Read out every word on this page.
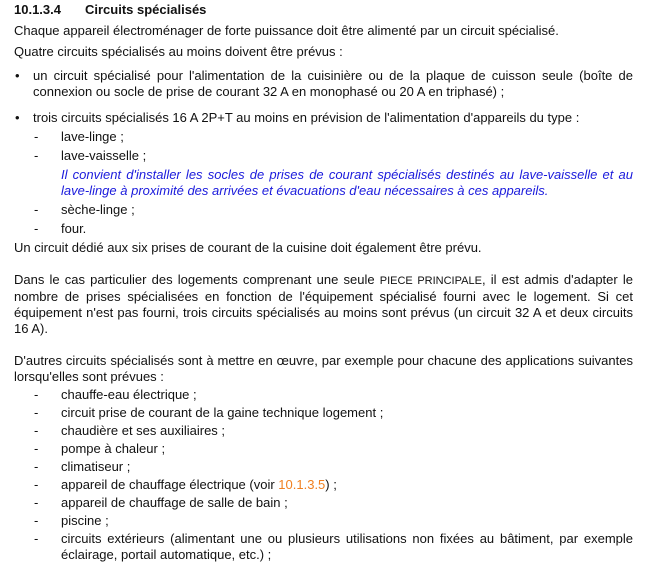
10.1.3.4 Circuits spécialisés

Chaque appareil électroménager de forte puissance doit être alimenté par un circuit spécialisé.

Quatre circuits spécialisés au moins doivent être prévus :

• un circuit spécialisé pour l'alimentation de la cuisinière ou de la plaque de cuisson seule (boîte de connexion ou socle de prise de courant 32 A en monophasé ou 20 A en triphasé) ;
• trois circuits spécialisés 16 A 2P+T au moins en prévision de l'alimentation d'appareils du type :
- lave-linge ;
- lave-vaisselle ;
Il convient d'installer les socles de prises de courant spécialisés destinés au lave-vaisselle et au lave-linge à proximité des arrivées et évacuations d'eau nécessaires à ces appareils.
- sèche-linge ;
- four.

Un circuit dédié aux six prises de courant de la cuisine doit également être prévu.

Dans le cas particulier des logements comprenant une seule PIECE PRINCIPALE, il est admis d'adapter le nombre de prises spécialisées en fonction de l'équipement spécialisé fourni avec le logement. Si cet équipement n'est pas fourni, trois circuits spécialisés au moins sont prévus (un circuit 32 A et deux circuits 16 A).

D'autres circuits spécialisés sont à mettre en œuvre, par exemple pour chacune des applications suivantes lorsqu'elles sont prévues :

- chauffe-eau électrique ;
- circuit prise de courant de la gaine technique logement ;
- chaudière et ses auxiliaires ;
- pompe à chaleur ;
- climatiseur ;
- appareil de chauffage électrique (voir 10.1.3.5) ;
- appareil de chauffage de salle de bain ;
- piscine ;
- circuits extérieurs (alimentant une ou plusieurs utilisations non fixées au bâtiment, par exemple éclairage, portail automatique, etc.) ;
